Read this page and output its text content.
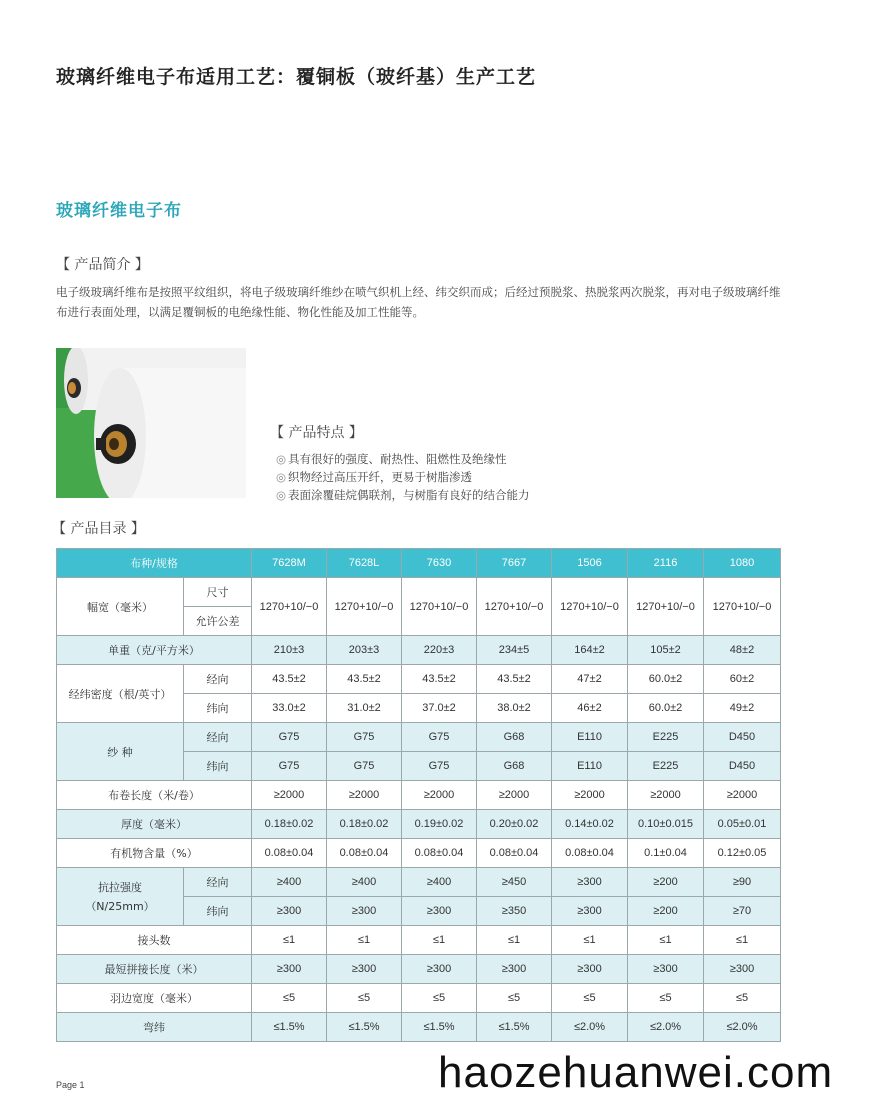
玻璃纤维电子布适用工艺：覆铜板（玻纤基）生产工艺
玻璃纤维电子布
【 产品简介 】
电子级玻璃纤维布是按照平纹组织，将电子级玻璃纤维纱在喷气织机上经、纬交织而成；后经过预脱浆、热脱浆两次脱浆，再对电子级玻璃纤维布进行表面处理，以满足覆铜板的电绝缘性能、物化性能及加工性能等。
【 产品特点 】
◎ 具有很好的强度、耐热性、阻燃性及绝缘性
◎ 织物经过高压开纤，更易于树脂渗透
◎ 表面涂覆硅烷偶联剂，与树脂有良好的结合能力
【 产品目录 】
布种/规格		7628M	7628L	7630	7667	1506	2116	1080
幅宽（毫米）	尺寸	1270+10/−0	1270+10/−0	1270+10/−0	1270+10/−0	1270+10/−0	1270+10/−0	1270+10/−0
	允许公差							
单重（克/平方米）		210±3	203±3	220±3	234±5	164±2	105±2	48±2
经纬密度（根/英寸）	经向	43.5±2	43.5±2	43.5±2	43.5±2	47±2	60.0±2	60±2
	纬向	33.0±2	31.0±2	37.0±2	38.0±2	46±2	60.0±2	49±2
纱 种	经向	G75	G75	G75	G68	E110	E225	D450
	纬向	G75	G75	G75	G68	E110	E225	D450
布卷长度（米/卷）		≥2000	≥2000	≥2000	≥2000	≥2000	≥2000	≥2000
厚度（毫米）		0.18±0.02	0.18±0.02	0.19±0.02	0.20±0.02	0.14±0.02	0.10±0.015	0.05±0.01
有机物含量（%）		0.08±0.04	0.08±0.04	0.08±0.04	0.08±0.04	0.08±0.04	0.1±0.04	0.12±0.05

抗拉强度
（N/25mm）	经向	≥400	≥400	≥400	≥450	≥300	≥200	≥90
	纬向	≥300	≥300	≥300	≥350	≥300	≥200	≥70
接头数		≤1	≤1	≤1	≤1	≤1	≤1	≤1
最短拼接长度（米）		≥300	≥300	≥300	≥300	≥300	≥300	≥300
羽边宽度（毫米）		≤5	≤5	≤5	≤5	≤5	≤5	≤5
弯纬		≤1.5%	≤1.5%	≤1.5%	≤1.5%	≤2.0%	≤2.0%	≤2.0%
Page 1	haozehuanwei.com
